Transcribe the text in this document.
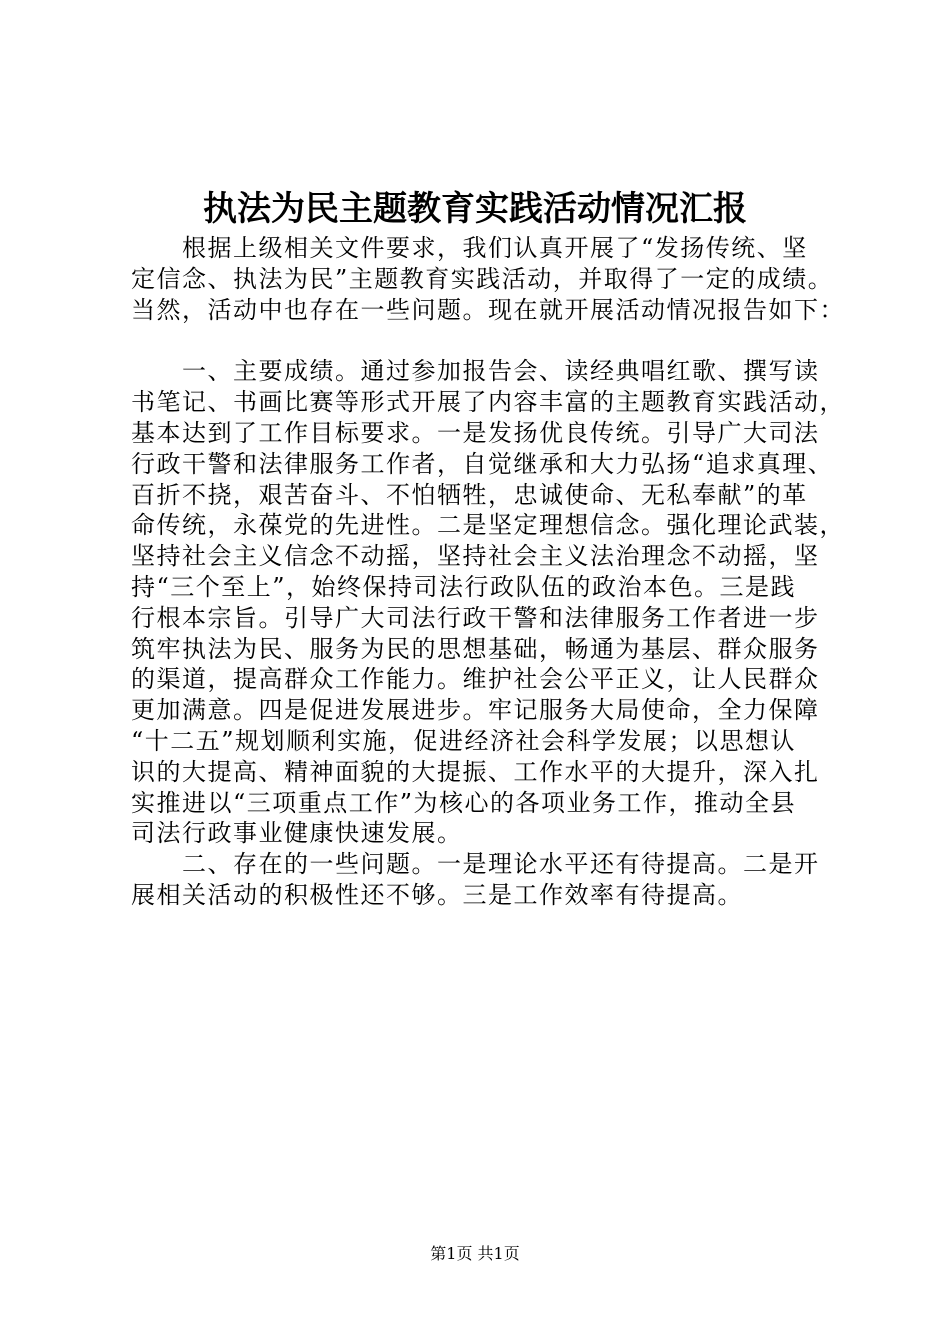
执法为民主题教育实践活动情况汇报

　　根据上级相关文件要求，我们认真开展了“发扬传统、坚
定信念、执法为民”主题教育实践活动，并取得了一定的成绩。
当然，活动中也存在一些问题。现在就开展活动情况报告如下：

　　一、主要成绩。通过参加报告会、读经典唱红歌、撰写读
书笔记、书画比赛等形式开展了内容丰富的主题教育实践活动，
基本达到了工作目标要求。一是发扬优良传统。引导广大司法
行政干警和法律服务工作者，自觉继承和大力弘扬“追求真理、
百折不挠，艰苦奋斗、不怕牺牲，忠诚使命、无私奉献”的革
命传统，永葆党的先进性。二是坚定理想信念。强化理论武装，
坚持社会主义信念不动摇，坚持社会主义法治理念不动摇，坚
持“三个至上”，始终保持司法行政队伍的政治本色。三是践
行根本宗旨。引导广大司法行政干警和法律服务工作者进一步
筑牢执法为民、服务为民的思想基础，畅通为基层、群众服务
的渠道，提高群众工作能力。维护社会公平正义，让人民群众
更加满意。四是促进发展进步。牢记服务大局使命，全力保障
“十二五”规划顺利实施，促进经济社会科学发展；以思想认
识的大提高、精神面貌的大提振、工作水平的大提升，深入扎
实推进以“三项重点工作”为核心的各项业务工作，推动全县
司法行政事业健康快速发展。

　　二、存在的一些问题。一是理论水平还有待提高。二是开
展相关活动的积极性还不够。三是工作效率有待提高。

第1页 共1页
